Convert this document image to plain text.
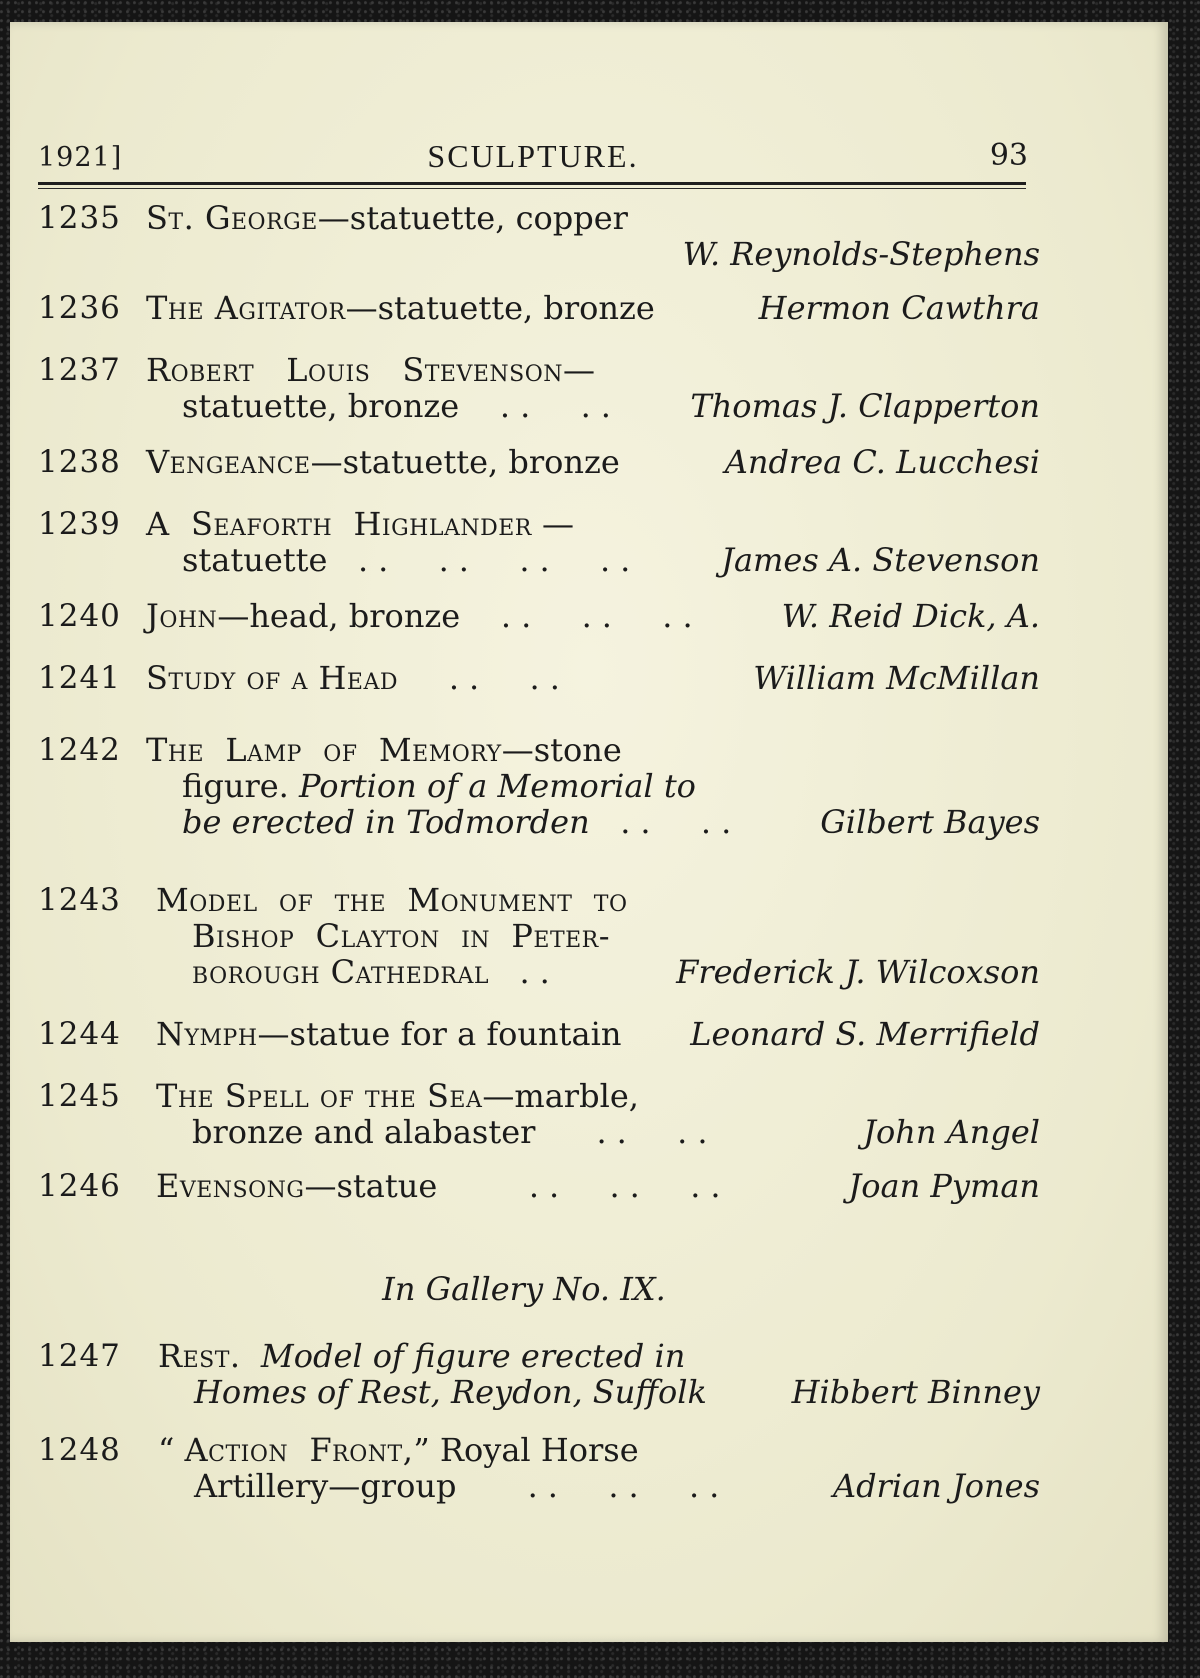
1921]	SCULPTURE.	93
1235 St. George—statuette, copper
W. Reynolds-Stephens
1236 The Agitator—statuette, bronze	Hermon Cawthra
1237 Robert   Louis   Stevenson—
statuette, bronze ..  .. Thomas J. Clapperton
1238 Vengeance—statuette, bronze	Andrea C. Lucchesi
1239 A  Seaforth  Highlander —
statuette ..  ..  ..  ..	James A. Stevenson
1240 John—head, bronze ..  ..  .. W. Reid Dick, A.
1241 Study of a Head ..  ..	William McMillan
1242 The  Lamp  of  Memory—stone
figure. Portion of a Memorial to
be erected in Todmorden ..  .. Gilbert Bayes
1243 Model  of  the  Monument  to
Bishop  Clayton  in  Peter-
borough Cathedral ..	Frederick J. Wilcoxson
1244 Nymph—statue for a fountain Leonard S. Merrifield
1245 The Spell of the Sea—marble,
bronze and alabaster ..  ..	John Angel
1246 Evensong—statue	..  ..  ..	Joan Pyman
In Gallery No. IX.
1247 Rest.  Model of figure erected in
Homes of Rest, Reydon, Suffolk	Hibbert Binney
1248 “ Action  Front,” Royal Horse
Artillery—group ..  ..  ..	Adrian Jones
